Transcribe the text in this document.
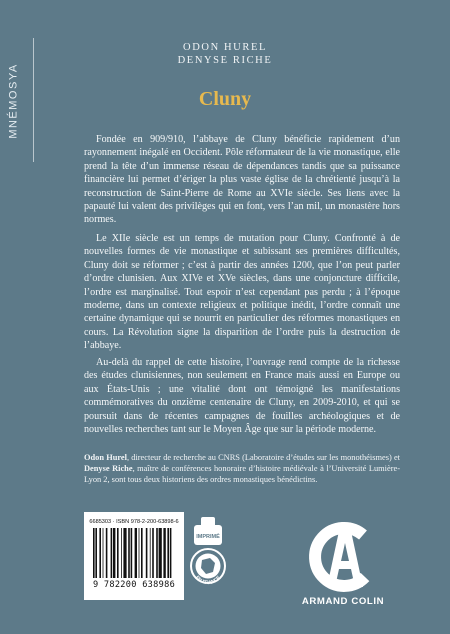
MNÉMOSYA
ODON HUREL
DENYSE RICHE
Cluny

Fondée en 909/910, l’abbaye de Cluny bénéficie rapidement d’un rayonnement inégalé en Occident. Pôle réformateur de la vie monastique, elle prend la tête d’un immense réseau de dépendances tandis que sa puissance financière lui permet d’ériger la plus vaste église de la chrétienté jusqu’à la reconstruction de Saint-Pierre de Rome au XVIe siècle. Ses liens avec la papauté lui valent des privilèges qui en font, vers l’an mil, un monastère hors normes.

Le XIIe siècle est un temps de mutation pour Cluny. Confronté à de nouvelles formes de vie monastique et subissant ses premières difficultés, Cluny doit se réformer ; c’est à partir des années 1200, que l’on peut parler d’ordre clunisien. Aux XIVe et XVe siècles, dans une conjoncture difficile, l’ordre est marginalisé. Tout espoir n’est cependant pas perdu ; à l’époque moderne, dans un contexte religieux et politique inédit, l’ordre connaît une certaine dynamique qui se nourrit en particulier des réformes monastiques en cours. La Révolution signe la disparition de l’ordre puis la destruction de l’abbaye.

Au-delà du rappel de cette histoire, l’ouvrage rend compte de la richesse des études clunisiennes, non seulement en France mais aussi en Europe ou aux États-Unis ; une vitalité dont ont témoigné les manifestations commémoratives du onzième centenaire de Cluny, en 2009-2010, et qui se poursuit dans de récentes campagnes de fouilles archéologiques et de nouvelles recherches tant sur le Moyen Âge que sur la période moderne.

Odon Hurel, directeur de recherche au CNRS (Laboratoire d’études sur les monothéismes) et Denyse Riche, maître de conférences honoraire d’histoire médiévale à l’Université Lumière-Lyon 2, sont tous deux historiens des ordres monastiques bénédictins.

6685303 · ISBN 978-2-200-63898-6
9 782200 638986
IMPRIMÉ
EN FRANCE
ARMAND COLIN
